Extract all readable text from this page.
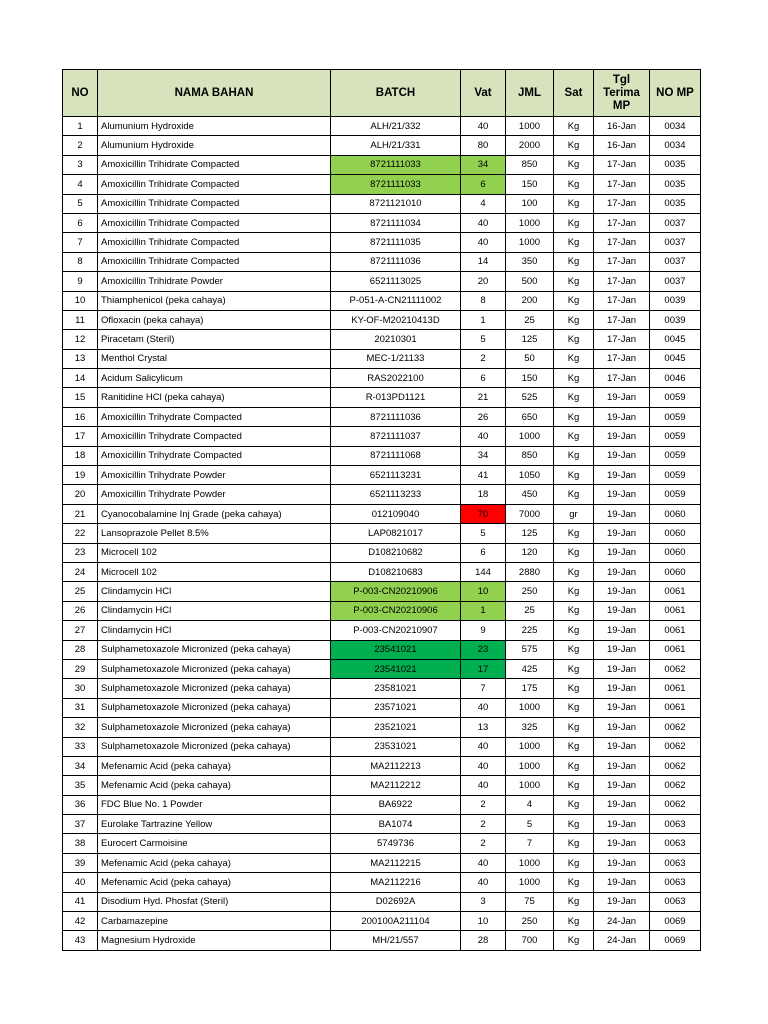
NO	NAMA BAHAN	BATCH	Vat	JML	Sat	Tgl Terima MP	NO MP
1	Alumunium Hydroxide	ALH/21/332	40	1000	Kg	16-Jan	0034
2	Alumunium Hydroxide	ALH/21/331	80	2000	Kg	16-Jan	0034
3	Amoxicillin Trihidrate Compacted	8721111033	34	850	Kg	17-Jan	0035
4	Amoxicillin Trihidrate Compacted	8721111033	6	150	Kg	17-Jan	0035
5	Amoxicillin Trihidrate Compacted	8721121010	4	100	Kg	17-Jan	0035
6	Amoxicillin Trihidrate Compacted	8721111034	40	1000	Kg	17-Jan	0037
7	Amoxicillin Trihidrate Compacted	8721111035	40	1000	Kg	17-Jan	0037
8	Amoxicillin Trihidrate Compacted	8721111036	14	350	Kg	17-Jan	0037
9	Amoxicillin Trihidrate Powder	6521113025	20	500	Kg	17-Jan	0037
10	Thiamphenicol (peka cahaya)	P-051-A-CN21111002	8	200	Kg	17-Jan	0039
11	Ofloxacin (peka cahaya)	KY-OF-M20210413D	1	25	Kg	17-Jan	0039
12	Piracetam (Steril)	20210301	5	125	Kg	17-Jan	0045
13	Menthol Crystal	MEC-1/21133	2	50	Kg	17-Jan	0045
14	Acidum Salicylicum	RAS2022100	6	150	Kg	17-Jan	0046
15	Ranitidine HCl (peka cahaya)	R-013PD1121	21	525	Kg	19-Jan	0059
16	Amoxicillin Trihydrate Compacted	8721111036	26	650	Kg	19-Jan	0059
17	Amoxicillin Trihydrate Compacted	8721111037	40	1000	Kg	19-Jan	0059
18	Amoxicillin Trihydrate Compacted	8721111068	34	850	Kg	19-Jan	0059
19	Amoxicillin Trihydrate Powder	6521113231	41	1050	Kg	19-Jan	0059
20	Amoxicillin Trihydrate Powder	6521113233	18	450	Kg	19-Jan	0059
21	Cyanocobalamine Inj Grade (peka cahaya)	012109040	70	7000	gr	19-Jan	0060
22	Lansoprazole Pellet 8.5%	LAP0821017	5	125	Kg	19-Jan	0060
23	Microcell 102	D108210682	6	120	Kg	19-Jan	0060
24	Microcell 102	D108210683	144	2880	Kg	19-Jan	0060
25	Clindamycin HCl	P-003-CN20210906	10	250	Kg	19-Jan	0061
26	Clindamycin HCl	P-003-CN20210906	1	25	Kg	19-Jan	0061
27	Clindamycin HCl	P-003-CN20210907	9	225	Kg	19-Jan	0061
28	Sulphametoxazole Micronized (peka cahaya)	23541021	23	575	Kg	19-Jan	0061
29	Sulphametoxazole Micronized (peka cahaya)	23541021	17	425	Kg	19-Jan	0062
30	Sulphametoxazole Micronized (peka cahaya)	23581021	7	175	Kg	19-Jan	0061
31	Sulphametoxazole Micronized (peka cahaya)	23571021	40	1000	Kg	19-Jan	0061
32	Sulphametoxazole Micronized (peka cahaya)	23521021	13	325	Kg	19-Jan	0062
33	Sulphametoxazole Micronized (peka cahaya)	23531021	40	1000	Kg	19-Jan	0062
34	Mefenamic Acid (peka cahaya)	MA2112213	40	1000	Kg	19-Jan	0062
35	Mefenamic Acid (peka cahaya)	MA2112212	40	1000	Kg	19-Jan	0062
36	FDC Blue No. 1 Powder	BA6922	2	4	Kg	19-Jan	0062
37	Eurolake Tartrazine Yellow	BA1074	2	5	Kg	19-Jan	0063
38	Eurocert Carmoisine	5749736	2	7	Kg	19-Jan	0063
39	Mefenamic Acid (peka cahaya)	MA2112215	40	1000	Kg	19-Jan	0063
40	Mefenamic Acid (peka cahaya)	MA2112216	40	1000	Kg	19-Jan	0063
41	Disodium Hyd. Phosfat (Steril)	D02692A	3	75	Kg	19-Jan	0063
42	Carbamazepine	200100A211104	10	250	Kg	24-Jan	0069
43	Magnesium Hydroxide	MH/21/557	28	700	Kg	24-Jan	0069
